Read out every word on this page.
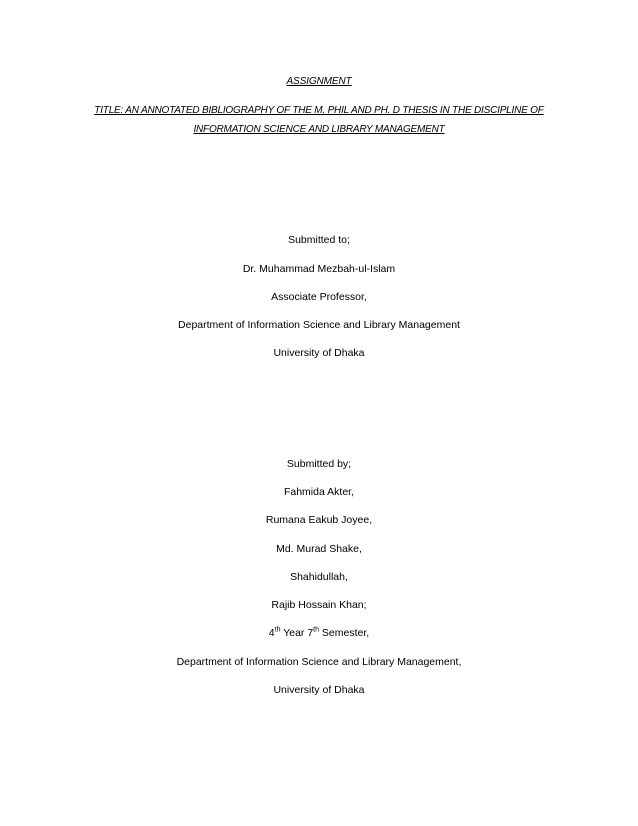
ASSIGNMENT
TITLE: AN ANNOTATED BIBLIOGRAPHY OF THE M. PHIL AND PH. D THESIS IN THE DISCIPLINE OF
INFORMATION SCIENCE AND LIBRARY MANAGEMENT
Submitted to;
Dr. Muhammad Mezbah-ul-Islam
Associate Professor,
Department of Information Science and Library Management
University of Dhaka
Submitted by;
Fahmida Akter,
Rumana Eakub Joyee,
Md. Murad Shake,
Shahidullah,
Rajib Hossain Khan;
4th Year 7th Semester,
Department of Information Science and Library Management,
University of Dhaka
